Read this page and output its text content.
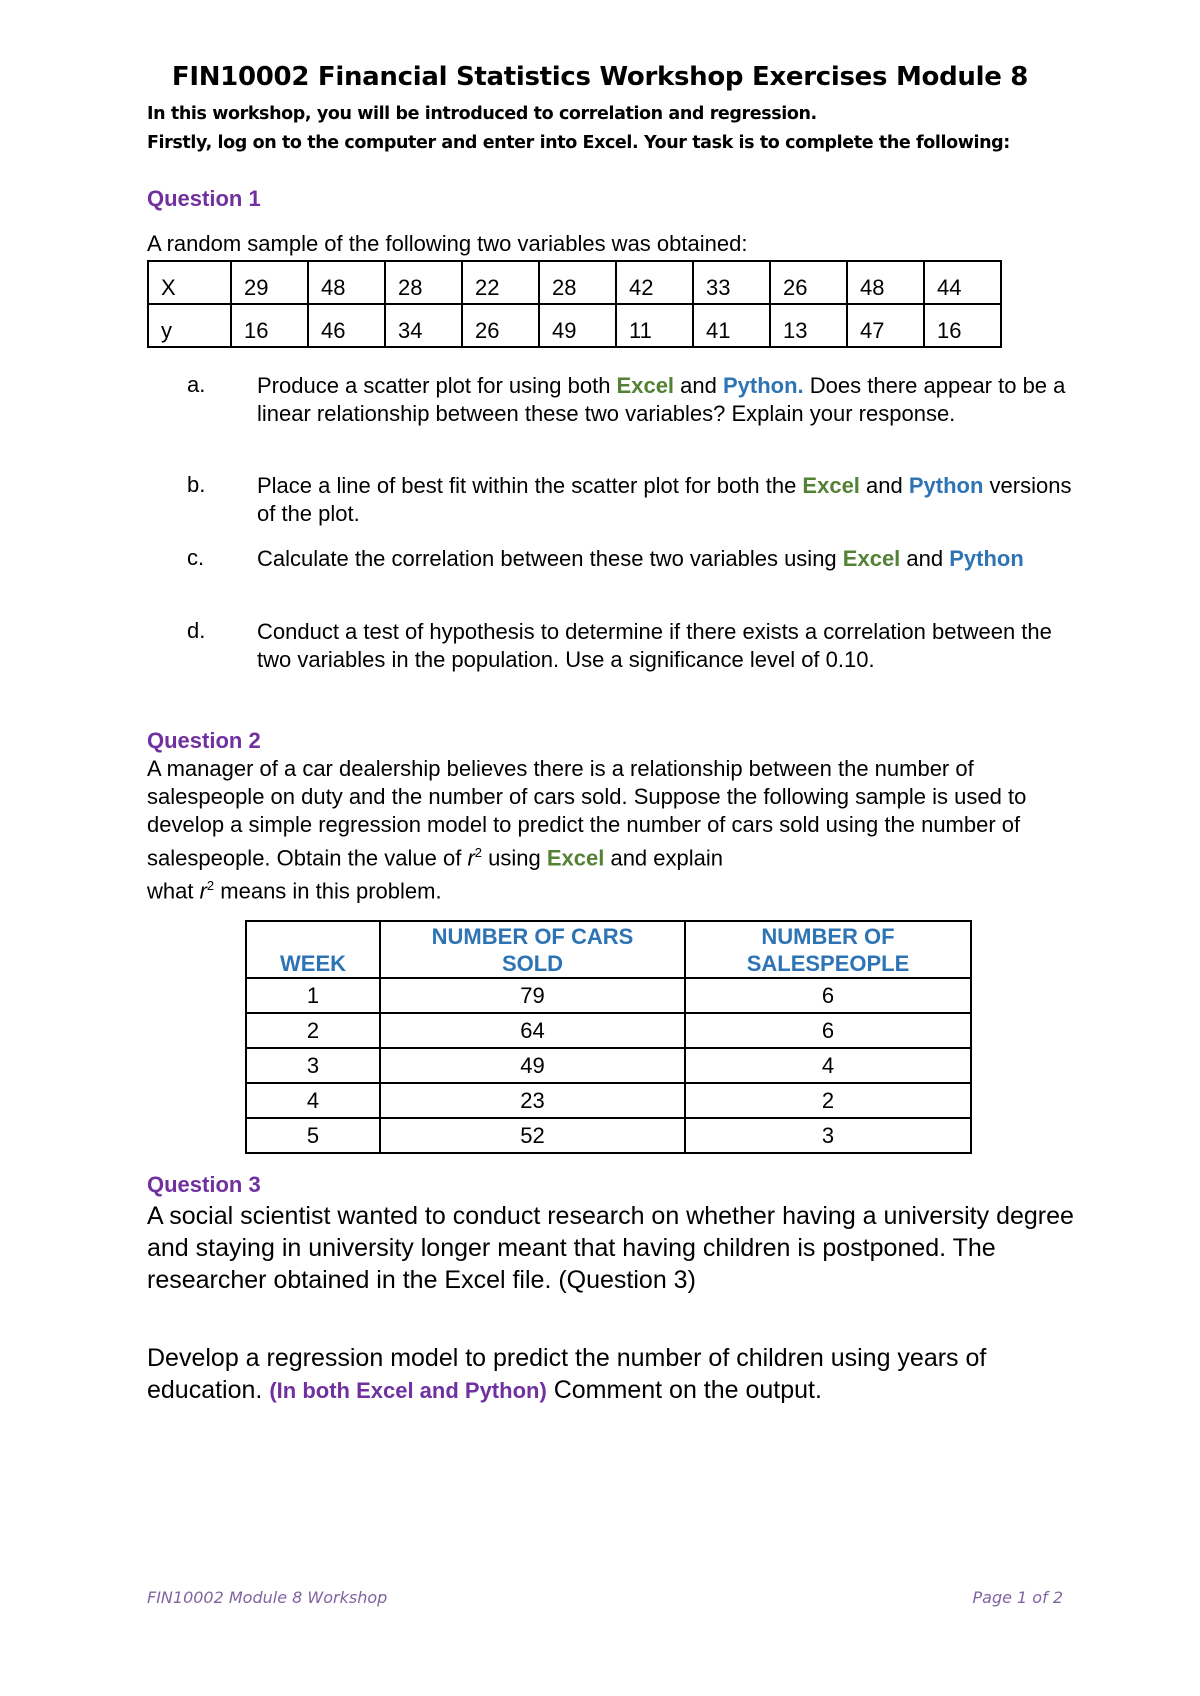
FIN10002 Financial Statistics Workshop Exercises Module 8
In this workshop, you will be introduced to correlation and regression.
Firstly, log on to the computer and enter into Excel. Your task is to complete the following:
Question 1
A random sample of the following two variables was obtained:
X	29	48	28	22	28	42	33	26	48	44
y	16	46	34	26	49	11	41	13	47	16
a. Produce a scatter plot for using both Excel and Python. Does there appear to be a linear relationship between these two variables? Explain your response.
b. Place a line of best fit within the scatter plot for both the Excel and Python versions of the plot.
c. Calculate the correlation between these two variables using Excel and Python
d. Conduct a test of hypothesis to determine if there exists a correlation between the two variables in the population. Use a significance level of 0.10.
Question 2
A manager of a car dealership believes there is a relationship between the number of salespeople on duty and the number of cars sold. Suppose the following sample is used to develop a simple regression model to predict the number of cars sold using the number of salespeople. Obtain the value of $r^2$ using Excel and explain
what $r^2$ means in this problem.
WEEK	NUMBER OF CARS SOLD	NUMBER OF SALESPEOPLE

1	79	6
2	64	6
3	49	4
4	23	2
5	52	3
Question 3
A social scientist wanted to conduct research on whether having a university degree and staying in university longer meant that having children is postponed. The researcher obtained in the Excel file. (Question 3)
Develop a regression model to predict the number of children using years of education. (In both Excel and Python) Comment on the output.
FIN10002 Module 8 Workshop	Page 1 of 2
